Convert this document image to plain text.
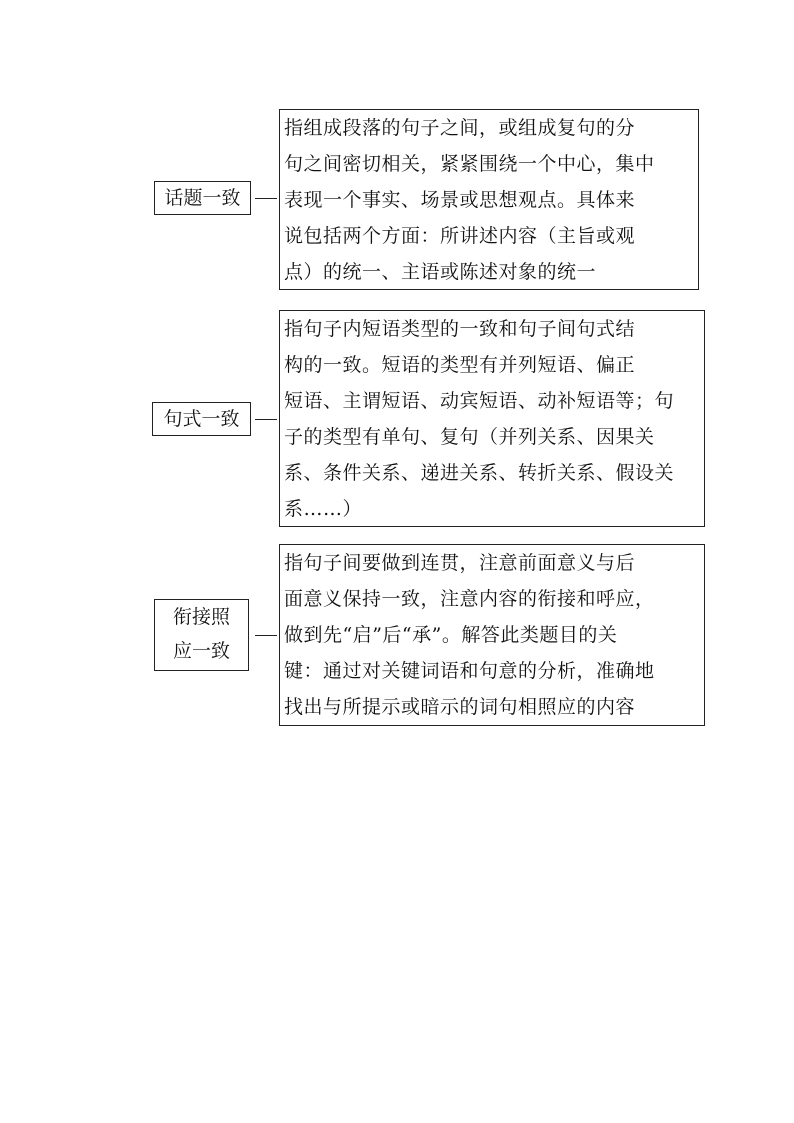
话题一致
指组成段落的句子之间，或组成复句的分
句之间密切相关，紧紧围绕一个中心，集中
表现一个事实、场景或思想观点。具体来
说包括两个方面：所讲述内容（主旨或观
点）的统一、主语或陈述对象的统一
句式一致
指句子内短语类型的一致和句子间句式结
构的一致。短语的类型有并列短语、偏正
短语、主谓短语、动宾短语、动补短语等；句
子的类型有单句、复句（并列关系、因果关
系、条件关系、递进关系、转折关系、假设关
系……）
衔接照
应一致
指句子间要做到连贯，注意前面意义与后
面意义保持一致，注意内容的衔接和呼应，
做到先“启”后“承”。解答此类题目的关
键：通过对关键词语和句意的分析，准确地
找出与所提示或暗示的词句相照应的内容
